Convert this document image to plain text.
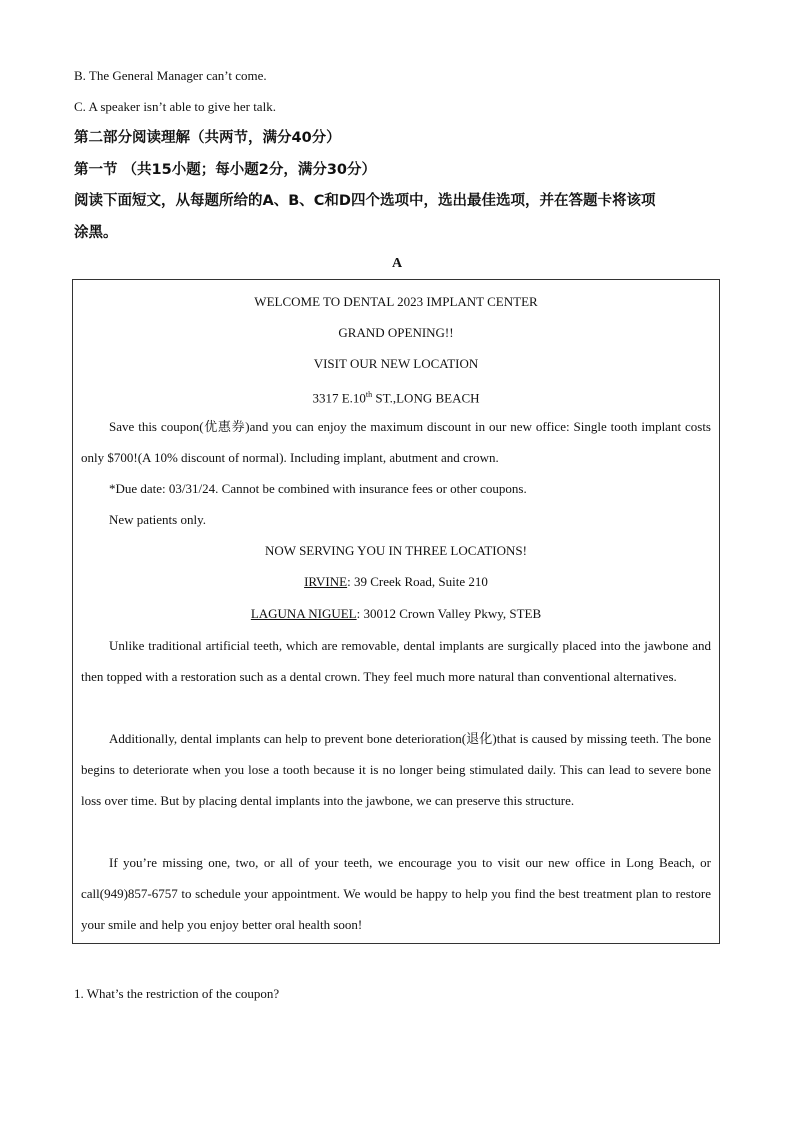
B. The General Manager can’t come.
C. A speaker isn’t able to give her talk.
第二部分阅读理解（共两节，满分40分）
第一节 （共15小题；每小题2分，满分30分）
阅读下面短文，从每题所给的A、B、C和D四个选项中，选出最佳选项，并在答题卡将该项
涂黑。
A
WELCOME TO DENTAL 2023 IMPLANT CENTER
GRAND OPENING!!
VISIT OUR NEW LOCATION
3317 E.10th ST.,LONG BEACH
Save this coupon(优惠券)and you can enjoy the maximum discount in our new office: Single tooth implant costs only $700!(A 10% discount of normal). Including implant, abutment and crown.
*Due date: 03/31/24. Cannot be combined with insurance fees or other coupons.
New patients only.
NOW SERVING YOU IN THREE LOCATIONS!
IRVINE: 39 Creek Road, Suite 210
LAGUNA NIGUEL: 30012 Crown Valley Pkwy, STEB
Unlike traditional artificial teeth, which are removable, dental implants are surgically placed into the jawbone and then topped with a restoration such as a dental crown. They feel much more natural than conventional alternatives.
Additionally, dental implants can help to prevent bone deterioration(退化)that is caused by missing teeth. The bone begins to deteriorate when you lose a tooth because it is no longer being stimulated daily. This can lead to severe bone loss over time. But by placing dental implants into the jawbone, we can preserve this structure.
If you’re missing one, two, or all of your teeth, we encourage you to visit our new office in Long Beach, or call(949)857-6757 to schedule your appointment. We would be happy to help you find the best treatment plan to restore your smile and help you enjoy better oral health soon!
1. What’s the restriction of the coupon?
